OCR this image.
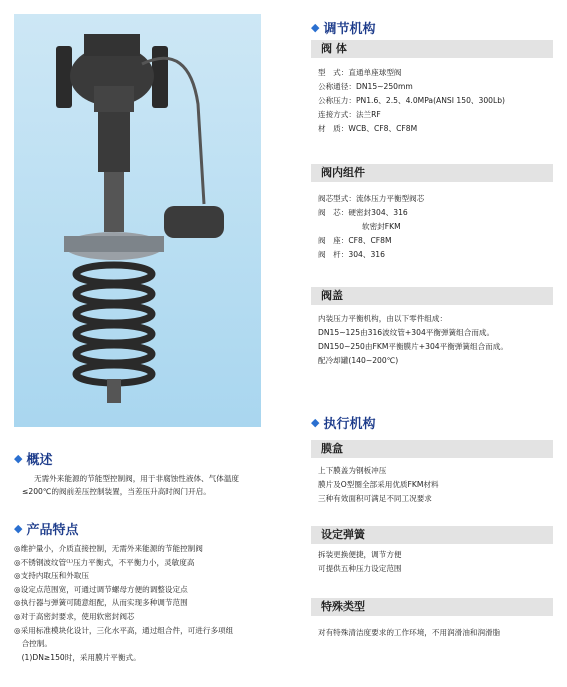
◆ 调节机构
阀 体
型　式：直通单座球型阀
公称通径：DN15~250mm
公称压力：PN1.6、2.5、4.0MPa(ANSI 150、300Lb)
连接方式：法兰RF
材　质：WCB、CF8、CF8M
阀内组件
阀芯型式：流体压力平衡型阀芯
阀　芯：硬密封304、316
软密封FKM
阀　座：CF8、CF8M
阀　杆：304、316
阀盖
内装压力平衡机构，由以下零件组成：
DN15~125由316波纹管+304平衡弹簧组合而成。
DN150~250由FKM平衡膜片+304平衡弹簧组合而成。
配冷却罐(140~200℃)
◆ 执行机构
膜盒
上下膜盖为钢板冲压
膜片及O型圈全部采用优质FKM材料
三种有效面积可满足不同工况要求
设定弹簧
拆装更换便捷，调节方便
可提供五种压力设定范围
特殊类型
对有特殊清洁度要求的工作环境，不用润滑油和润滑脂
◆ 概述
无需外来能源的节能型控制阀，用于非腐蚀性液体、气体温度
≤200℃的阀前差压控制装置，当差压升高时阀门开启。
◆ 产品特点
◎维护量小，介质直接控制，无需外来能源的节能控制阀
◎不锈钢波纹管⁽¹⁾压力平衡式，不平衡力小，灵敏度高
◎支持内取压和外取压
◎设定点范围宽，可通过调节螺母方便的调整设定点
◎执行器与弹簧可随意组配，从而实现多种调节范围
◎对于高密封要求，使用软密封阀芯
◎采用标准模块化设计，三化水平高，通过组合件，可进行多项组
　合控制。
　(1)DN≥150时，采用膜片平衡式。
